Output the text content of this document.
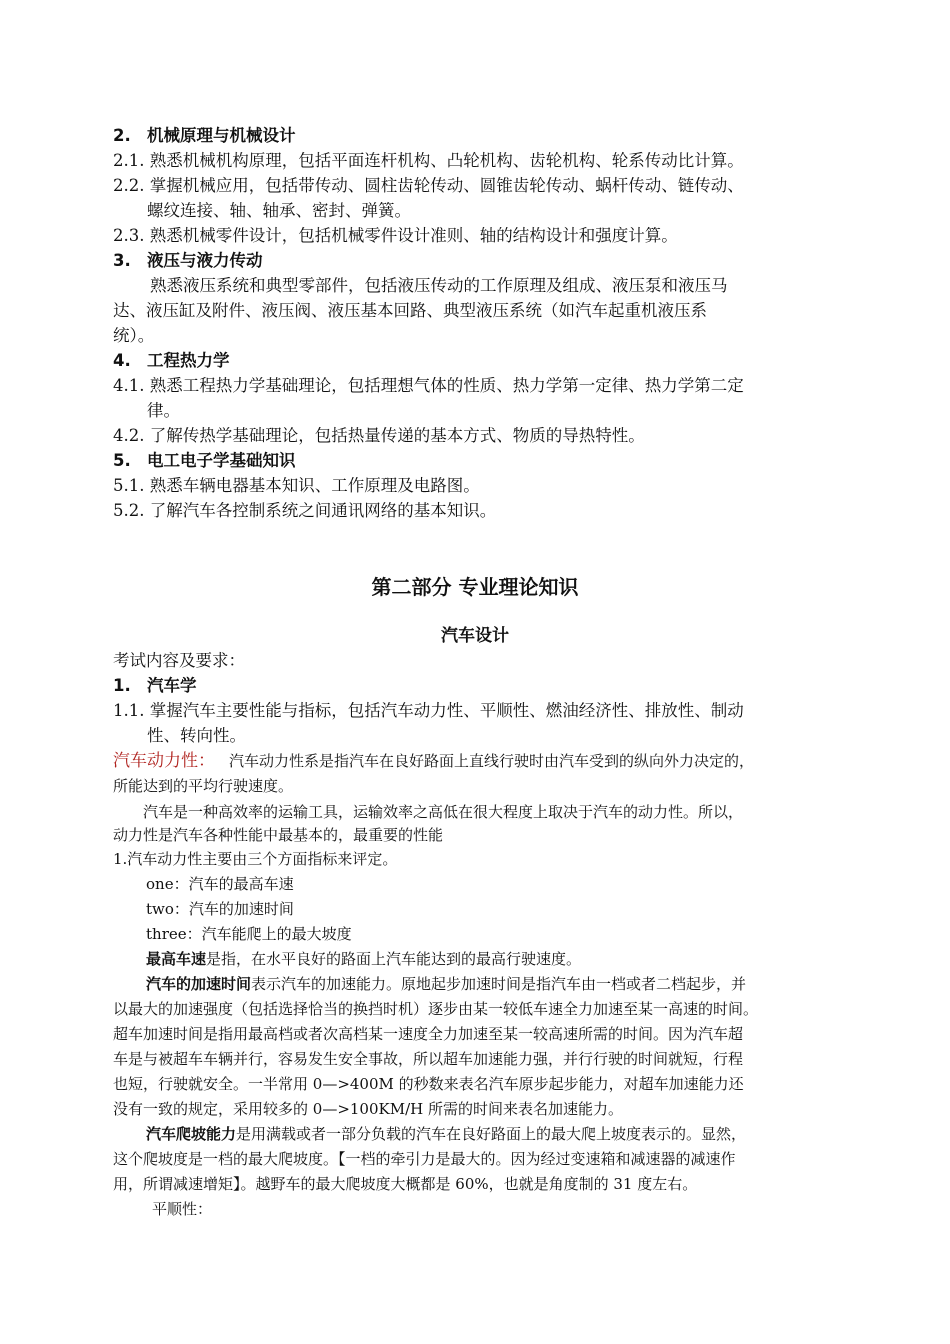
2. 机械原理与机械设计
2.1. 熟悉机械机构原理，包括平面连杆机构、凸轮机构、齿轮机构、轮系传动比计算。
2.2. 掌握机械应用，包括带传动、圆柱齿轮传动、圆锥齿轮传动、蜗杆传动、链传动、
螺纹连接、轴、轴承、密封、弹簧。
2.3. 熟悉机械零件设计，包括机械零件设计准则、轴的结构设计和强度计算。
3. 液压与液力传动
熟悉液压系统和典型零部件，包括液压传动的工作原理及组成、液压泵和液压马
达、液压缸及附件、液压阀、液压基本回路、典型液压系统（如汽车起重机液压系
统）。
4. 工程热力学
4.1. 熟悉工程热力学基础理论，包括理想气体的性质、热力学第一定律、热力学第二定
律。
4.2. 了解传热学基础理论，包括热量传递的基本方式、物质的导热特性。
5. 电工电子学基础知识
5.1. 熟悉车辆电器基本知识、工作原理及电路图。
5.2. 了解汽车各控制系统之间通讯网络的基本知识。
第二部分 专业理论知识
汽车设计
考试内容及要求：
1. 汽车学
1.1. 掌握汽车主要性能与指标，包括汽车动力性、平顺性、燃油经济性、排放性、制动
性、转向性。
汽车动力性： 汽车动力性系是指汽车在良好路面上直线行驶时由汽车受到的纵向外力决定的，
所能达到的平均行驶速度。
汽车是一种高效率的运输工具，运输效率之高低在很大程度上取决于汽车的动力性。所以，
动力性是汽车各种性能中最基本的，最重要的性能
1.汽车动力性主要由三个方面指标来评定。
one：汽车的最高车速
two：汽车的加速时间
three：汽车能爬上的最大坡度
最高车速是指，在水平良好的路面上汽车能达到的最高行驶速度。
汽车的加速时间表示汽车的加速能力。原地起步加速时间是指汽车由一档或者二档起步，并
以最大的加速强度（包括选择恰当的换挡时机）逐步由某一较低车速全力加速至某一高速的时间。
超车加速时间是指用最高档或者次高档某一速度全力加速至某一较高速所需的时间。因为汽车超
车是与被超车车辆并行，容易发生安全事故，所以超车加速能力强，并行行驶的时间就短，行程
也短，行驶就安全。一半常用 0—>400M 的秒数来表名汽车原步起步能力，对超车加速能力还
没有一致的规定，采用较多的 0—>100KM/H 所需的时间来表名加速能力。
汽车爬坡能力是用满载或者一部分负载的汽车在良好路面上的最大爬上坡度表示的。显然，
这个爬坡度是一档的最大爬坡度。【一档的牵引力是最大的。因为经过变速箱和减速器的减速作
用，所谓减速增矩】。越野车的最大爬坡度大概都是 60%，也就是角度制的 31 度左右。
平顺性：
